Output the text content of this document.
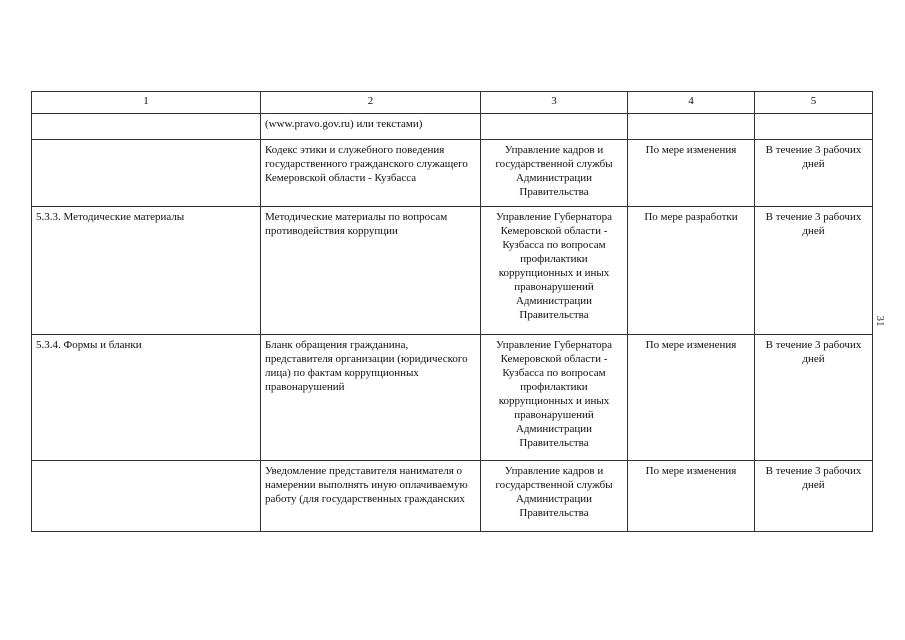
1	2	3	4	5
	(www.pravo.gov.ru) или текстами)			
	Кодекс этики и служебного поведения государственного гражданского служащего Кемеровской области - Кузбасса	Управление кадров и государственной службы Администрации Правительства	По мере изменения	В течение 3 рабочих дней
5.3.3. Методические материалы	Методические материалы по вопросам противодействия коррупции	Управление Губернатора Кемеровской области - Кузбасса по вопросам профилактики коррупционных и иных правонарушений Администрации Правительства	По мере разработки	В течение 3 рабочих дней
5.3.4. Формы и бланки	Бланк обращения гражданина, представителя организации (юридического лица) по фактам коррупционных правонарушений	Управление Губернатора Кемеровской области - Кузбасса по вопросам профилактики коррупционных и иных правонарушений Администрации Правительства	По мере изменения	В течение 3 рабочих дней
	Уведомление представителя нанимателя о намерении выполнять иную оплачиваемую работу (для государственных гражданских	Управление кадров и государственной службы Администрации Правительства	По мере изменения	В течение 3 рабочих дней
31
